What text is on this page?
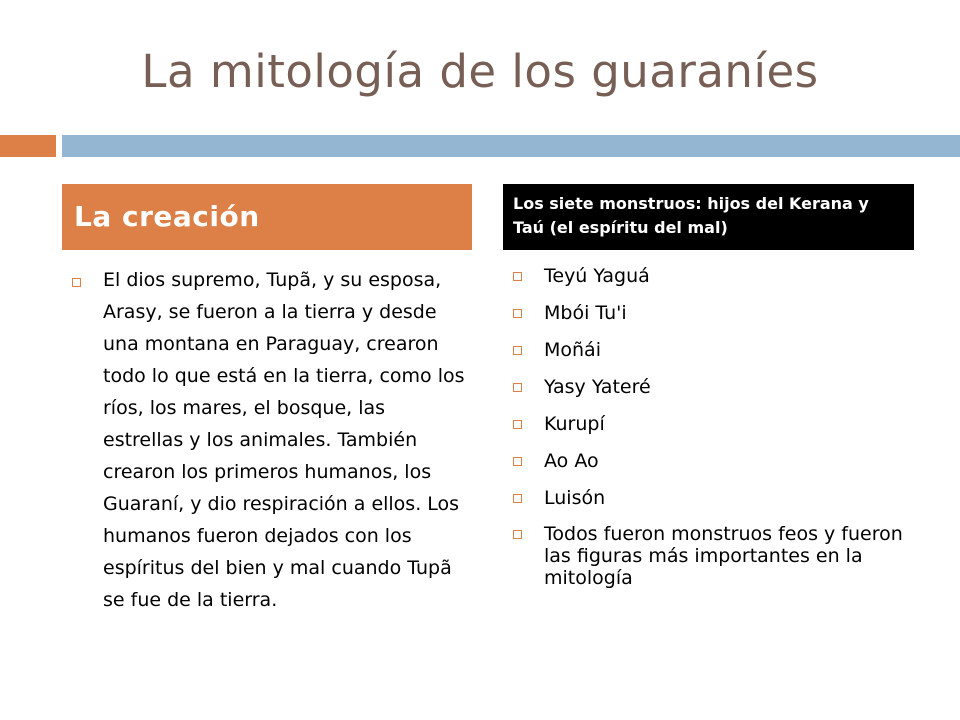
La mitología de los guaraníes
La creación	Los siete monstruos: hijos del Kerana y Taú (el espíritu del mal)
El dios supremo, Tupã, y su esposa, Arasy, se fueron a la tierra y desde una montana en Paraguay, crearon todo lo que está en la tierra, como los ríos, los mares, el bosque, las estrellas y los animales. También crearon los primeros humanos, los Guaraní, y dio respiración a ellos. Los humanos fueron dejados con los espíritus del bien y mal cuando Tupã se fue de la tierra.
Teyú Yaguá
Mbói Tu'i
Moñái
Yasy Yateré
Kurupí
Ao Ao
Luisón
Todos fueron monstruos feos y fueron las figuras más importantes en la mitología
